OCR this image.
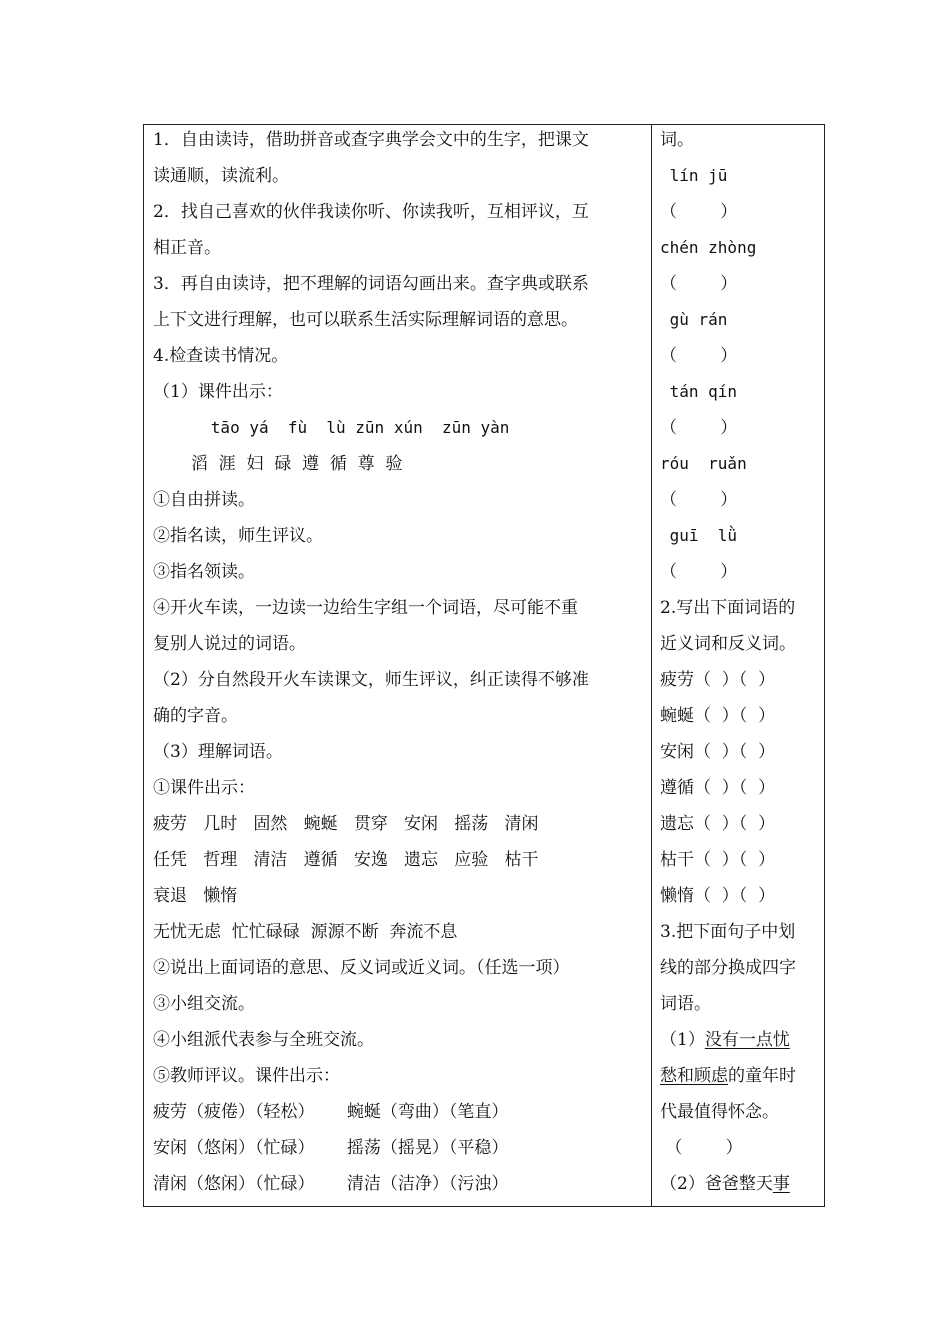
1．自由读诗，借助拼音或查字典学会文中的生字，把课文
读通顺，读流利。
2．找自己喜欢的伙伴我读你听、你读我听，互相评议，互
相正音。
3．再自由读诗，把不理解的词语勾画出来。查字典或联系
上下文进行理解，也可以联系生活实际理解词语的意思。
4.检查读书情况。
（1）课件出示：
tāo yá  fù  lù zūn xún  zūn yàn
滔  涯  妇  碌  遵  循  尊  验
①自由拼读。
②指名读，师生评议。
③指名领读。
④开火车读，一边读一边给生字组一个词语，尽可能不重
复别人说过的词语。
（2）分自然段开火车读课文，师生评议，纠正读得不够准
确的字音。
（3）理解词语。
①课件出示：
疲劳   几时   固然   蜿蜒   贯穿   安闲   摇荡   清闲
任凭   哲理   清洁   遵循   安逸   遗忘   应验   枯干
衰退   懒惰
无忧无虑  忙忙碌碌  源源不断  奔流不息
②说出上面词语的意思、反义词或近义词。（任选一项）
③小组交流。
④小组派代表参与全班交流。
⑤教师评议。课件出示：
疲劳（疲倦）（轻松）      蜿蜒（弯曲）（笔直）
安闲（悠闲）（忙碌）      摇荡（摇晃）（平稳）
清闲（悠闲）（忙碌）      清洁（洁净）（污浊）
词。
lín jū
（        ）
chén zhòng
（        ）
gù rán
（        ）
tán qín
（        ）
róu  ruǎn
（        ）
guī  lǜ
（        ）
2.写出下面词语的
近义词和反义词。
疲劳（  ）（  ）
蜿蜒（  ）（  ）
安闲（  ）（  ）
遵循（  ）（  ）
遗忘（  ）（  ）
枯干（  ）（  ）
懒惰（  ）（  ）
3.把下面句子中划
线的部分换成四字
词语。
（1）没有一点忧
愁和顾虑的童年时
代最值得怀念。
（        ）
（2）爸爸整天事
